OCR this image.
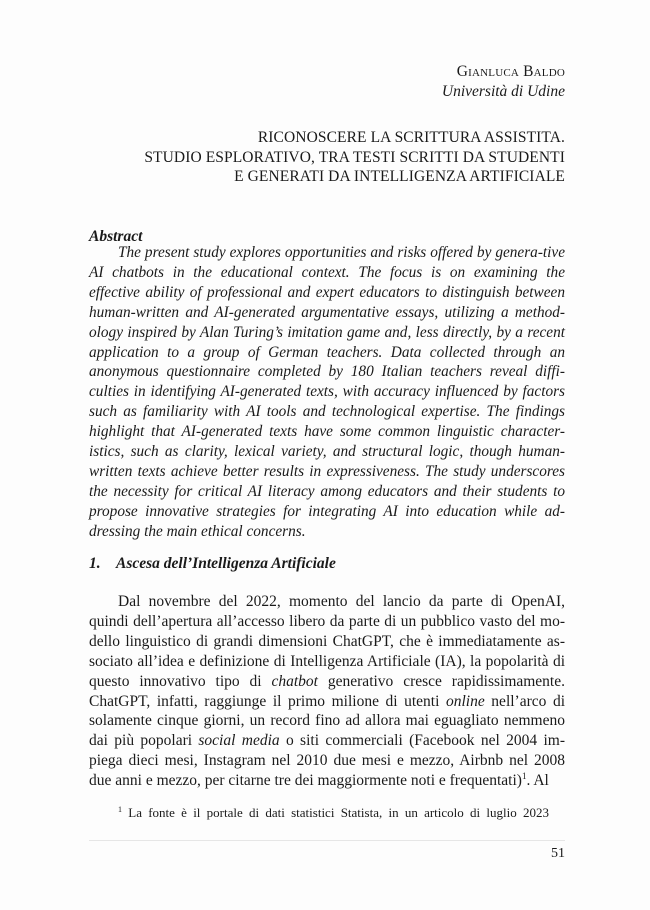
Gianluca Baldo
Università di Udine
RICONOSCERE LA SCRITTURA ASSISTITA.
STUDIO ESPLORATIVO, TRA TESTI SCRITTI DA STUDENTI
E GENERATI DA INTELLIGENZA ARTIFICIALE
Abstract
The present study explores opportunities and risks offered by genera-tive AI chatbots in the educational context. The focus is on examining the effective ability of professional and expert educators to distinguish between human-written and AI-generated argumentative essays, utilizing a method-ology inspired by Alan Turing’s imitation game and, less directly, by a recent application to a group of German teachers. Data collected through an anonymous questionnaire completed by 180 Italian teachers reveal diffi-culties in identifying AI-generated texts, with accuracy influenced by factors such as familiarity with AI tools and technological expertise. The findings highlight that AI-generated texts have some common linguistic character-istics, such as clarity, lexical variety, and structural logic, though human-written texts achieve better results in expressiveness. The study underscores the necessity for critical AI literacy among educators and their students to propose innovative strategies for integrating AI into education while ad-dressing the main ethical concerns.
1. Ascesa dell’Intelligenza Artificiale
Dal novembre del 2022, momento del lancio da parte di OpenAI, quindi dell’apertura all’accesso libero da parte di un pubblico vasto del mo-dello linguistico di grandi dimensioni ChatGPT, che è immediatamente as-sociato all’idea e definizione di Intelligenza Artificiale (IA), la popolarità di questo innovativo tipo di chatbot generativo cresce rapidissimamente. ChatGPT, infatti, raggiunge il primo milione di utenti online nell’arco di solamente cinque giorni, un record fino ad allora mai eguagliato nemmeno dai più popolari social media o siti commerciali (Facebook nel 2004 im-piega dieci mesi, Instagram nel 2010 due mesi e mezzo, Airbnb nel 2008 due anni e mezzo, per citarne tre dei maggiormente noti e frequentati)$^1$. Al
$^1$ La fonte è il portale di dati statistici Statista, in un articolo di luglio 2023
51
